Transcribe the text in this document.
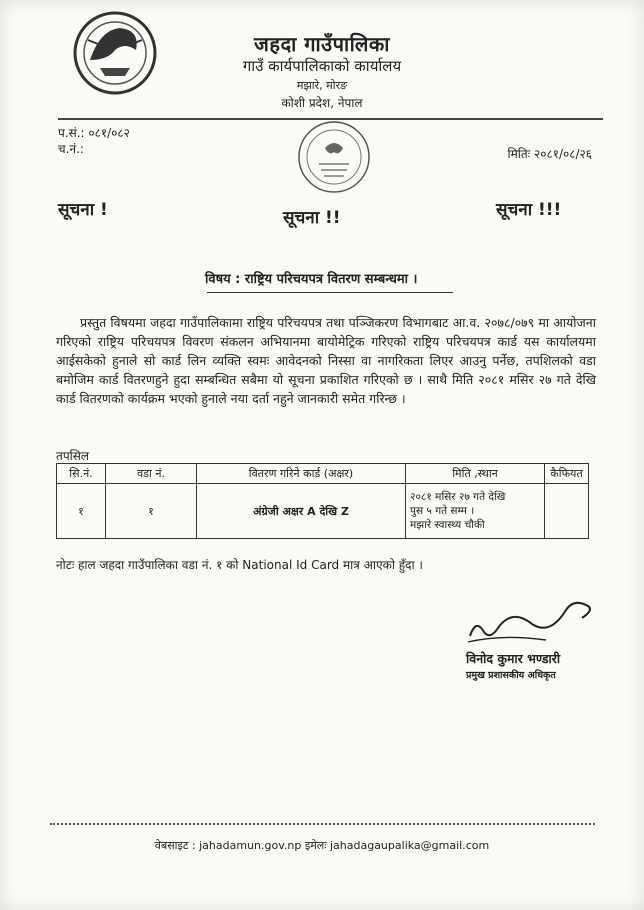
जहदा गाउँपालिका
गाउँ कार्यपालिकाको कार्यालय
मझारे, मोरङ
कोशी प्रदेश, नेपाल
प.सं.: ०८१/०८२
च.नं.:	मितिः २०८१/०८/२६
सूचना !	सूचना !!	सूचना !!!
विषय : राष्ट्रिय परिचयपत्र वितरण सम्बन्धमा ।
प्रस्तुत विषयमा जहदा गाउँपालिकामा राष्ट्रिय परिचयपत्र तथा पञ्जिकरण विभागबाट आ.व. २०७८/०७९ मा आयोजना गरिएको राष्ट्रिय परिचयपत्र विवरण संकलन अभियानमा बायोमेट्रिक गरिएको राष्ट्रिय परिचयपत्र कार्ड यस कार्यालयमा आईसकेको हुनाले सो कार्ड लिन व्यक्ति स्वमः आवेदनको निस्सा वा नागरिकता लिएर आउनु पर्नेछ, तपशिलको वडा बमोजिम कार्ड वितरणहुने हुदा सम्बन्धित सबैमा यो सूचना प्रकाशित गरिएको छ । साथै मिति २०८१ मसिर २७ गते देखि कार्ड वितरणको कार्यक्रम भएको हुनाले नया दर्ता नहुने जानकारी समेत गरिन्छ ।
तपसिल
सि.नं.	वडा नं.	वितरण गरिने कार्ड (अक्षर)	मिति ,स्थान	कैफियत
१	१	अंग्रेजी अक्षर A देखि Z	२०८१ मसिर २७ गते देखि
पुस ५ गते सम्म ।
मझारे स्वास्थ्य चौकी	

नोटः हाल जहदा गाउँपालिका वडा नं. १ को National Id Card मात्र आएको हुँदा ।
विनोद कुमार भण्डारी
प्रमुख प्रशासकीय अधिकृत
वेबसाइट : jahadamun.gov.np इमेलः jahadagaupalika@gmail.com
